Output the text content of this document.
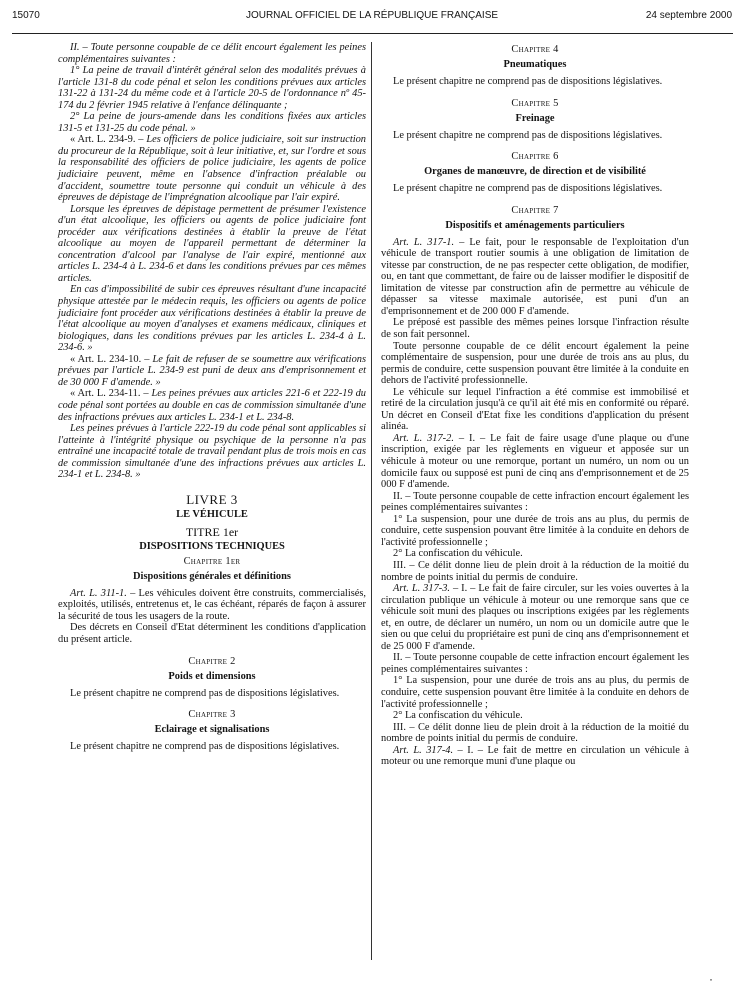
15070	JOURNAL OFFICIEL DE LA RÉPUBLIQUE FRANÇAISE	24 septembre 2000

II. – Toute personne coupable de ce délit encourt également les peines complémentaires suivantes :

1° La peine de travail d'intérêt général selon des modalités prévues à l'article 131-8 du code pénal et selon les conditions prévues aux articles 131-22 à 131-24 du même code et à l'article 20-5 de l'ordonnance nº 45-174 du 2 février 1945 relative à l'enfance délinquante ;

2° La peine de jours-amende dans les conditions fixées aux articles 131-5 et 131-25 du code pénal. »

« Art. L. 234-9. – Les officiers de police judiciaire, soit sur instruction du procureur de la République, soit à leur initiative, et, sur l'ordre et sous la responsabilité des officiers de police judiciaire, les agents de police judiciaire peuvent, même en l'absence d'infraction préalable ou d'accident, soumettre toute personne qui conduit un véhicule à des épreuves de dépistage de l'imprégnation alcoolique par l'air expiré.

Lorsque les épreuves de dépistage permettent de présumer l'existence d'un état alcoolique, les officiers ou agents de police judiciaire font procéder aux vérifications destinées à établir la preuve de l'état alcoolique au moyen de l'appareil permettant de déterminer la concentration d'alcool par l'analyse de l'air expiré, mentionné aux articles L. 234-4 à L. 234-6 et dans les conditions prévues par ces mêmes articles.

En cas d'impossibilité de subir ces épreuves résultant d'une incapacité physique attestée par le médecin requis, les officiers ou agents de police judiciaire font procéder aux vérifications destinées à établir la preuve de l'état alcoolique au moyen d'analyses et examens médicaux, cliniques et biologiques, dans les conditions prévues par les articles L. 234-4 à L. 234-6. »

« Art. L. 234-10. – Le fait de refuser de se soumettre aux vérifications prévues par l'article L. 234-9 est puni de deux ans d'emprisonnement et de 30 000 F d'amende. »

« Art. L. 234-11. – Les peines prévues aux articles 221-6 et 222-19 du code pénal sont portées au double en cas de commission simultanée d'une des infractions prévues aux articles L. 234-1 et L. 234-8.

Les peines prévues à l'article 222-19 du code pénal sont applicables si l'atteinte à l'intégrité physique ou psychique de la personne n'a pas entraîné une incapacité totale de travail pendant plus de trois mois en cas de commission simultanée d'une des infractions prévues aux articles L. 234-1 et L. 234-8. »

LIVRE 3
LE VÉHICULE
TITRE 1er
DISPOSITIONS TECHNIQUES
Chapitre 1er
Dispositions générales et définitions

Art. L. 311-1. – Les véhicules doivent être construits, commercialisés, exploités, utilisés, entretenus et, le cas échéant, réparés de façon à assurer la sécurité de tous les usagers de la route.

Des décrets en Conseil d'Etat déterminent les conditions d'application du présent article.

Chapitre 2
Poids et dimensions

Le présent chapitre ne comprend pas de dispositions législatives.

Chapitre 3
Eclairage et signalisations

Le présent chapitre ne comprend pas de dispositions législatives.

Chapitre 4
Pneumatiques

Le présent chapitre ne comprend pas de dispositions législatives.

Chapitre 5
Freinage

Le présent chapitre ne comprend pas de dispositions législatives.

Chapitre 6
Organes de manœuvre, de direction et de visibilité

Le présent chapitre ne comprend pas de dispositions législatives.

Chapitre 7
Dispositifs et aménagements particuliers

Art. L. 317-1. – Le fait, pour le responsable de l'exploitation d'un véhicule de transport routier soumis à une obligation de limitation de vitesse par construction, de ne pas respecter cette obligation, de modifier, ou, en tant que commettant, de faire ou de laisser modifier le dispositif de limitation de vitesse par construction afin de permettre au véhicule de dépasser sa vitesse maximale autorisée, est puni d'un an d'emprisonnement et de 200 000 F d'amende.

Le préposé est passible des mêmes peines lorsque l'infraction résulte de son fait personnel.

Toute personne coupable de ce délit encourt également la peine complémentaire de suspension, pour une durée de trois ans au plus, du permis de conduire, cette suspension pouvant être limitée à la conduite en dehors de l'activité professionnelle.

Le véhicule sur lequel l'infraction a été commise est immobilisé et retiré de la circulation jusqu'à ce qu'il ait été mis en conformité ou réparé. Un décret en Conseil d'Etat fixe les conditions d'application du présent alinéa.

Art. L. 317-2. – I. – Le fait de faire usage d'une plaque ou d'une inscription, exigée par les règlements en vigueur et apposée sur un véhicule à moteur ou une remorque, portant un numéro, un nom ou un domicile faux ou supposé est puni de cinq ans d'emprisonnement et de 25 000 F d'amende.

II. – Toute personne coupable de cette infraction encourt également les peines complémentaires suivantes :

1° La suspension, pour une durée de trois ans au plus, du permis de conduire, cette suspension pouvant être limitée à la conduite en dehors de l'activité professionnelle ;

2° La confiscation du véhicule.

III. – Ce délit donne lieu de plein droit à la réduction de la moitié du nombre de points initial du permis de conduire.

Art. L. 317-3. – I. – Le fait de faire circuler, sur les voies ouvertes à la circulation publique un véhicule à moteur ou une remorque sans que ce véhicule soit muni des plaques ou inscriptions exigées par les règlements et, en outre, de déclarer un numéro, un nom ou un domicile autre que le sien ou que celui du propriétaire est puni de cinq ans d'emprisonnement et de 25 000 F d'amende.

II. – Toute personne coupable de cette infraction encourt également les peines complémentaires suivantes :

1° La suspension, pour une durée de trois ans au plus, du permis de conduire, cette suspension pouvant être limitée à la conduite en dehors de l'activité professionnelle ;

2° La confiscation du véhicule.

III. – Ce délit donne lieu de plein droit à la réduction de la moitié du nombre de points initial du permis de conduire.

Art. L. 317-4. – I. – Le fait de mettre en circulation un véhicule à moteur ou une remorque muni d'une plaque ou

·
